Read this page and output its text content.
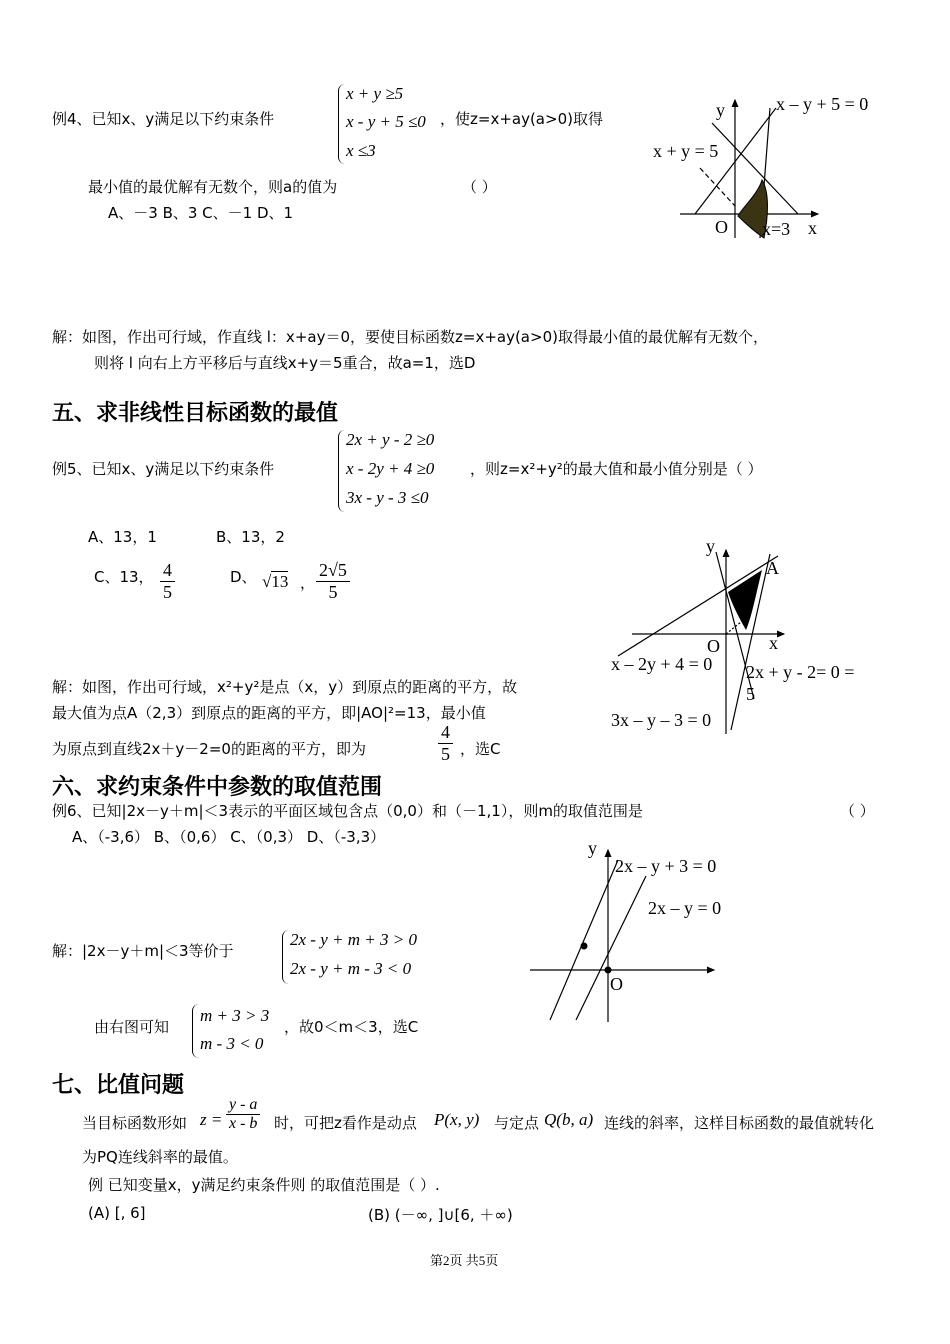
例4、已知x、y满足以下约束条件
x + y ≥5
x - y + 5 ≤0
x ≤3
，使z=x+ay(a>0)取得
最小值的最优解有无数个，则a的值为	（ ）
A、－3 B、3 C、－1 D、1
y
x
O
x – y + 5 = 0
x + y = 5
x=3
解：如图，作出可行域，作直线 l：x+ay＝0，要使目标函数z=x+ay(a>0)取得最小值的最优解有无数个，
则将 l 向右上方平移后与直线x+y＝5重合，故a=1，选D
五、求非线性目标函数的最值
例5、已知x、y满足以下约束条件
2x + y - 2 ≥0
x - 2y + 4 ≥0
3x - y - 3 ≤0
，则z=x²+y²的最大值和最小值分别是（ ）
A、13，1	B、13，2
C、13， $\frac{4}{5}$	D、 √13 ， $\frac{2√5}{5}$
y
x
O
A
x – 2y + 4 = 0 2x + y - 2= 0 =
5
3x – y – 3 = 0
解：如图，作出可行域，x²+y²是点（x，y）到原点的距离的平方，故
最大值为点A（2,3）到原点的距离的平方，即|AO|²=13，最小值
为原点到直线2x＋y－2=0的距离的平方，即为	$\frac{4}{5}$ ，选C
六、求约束条件中参数的取值范围
例6、已知|2x－y＋m|＜3表示的平面区域包含点（0,0）和（－1,1），则m的取值范围是	（ ）
A、（-3,6） B、（0,6） C、（0,3） D、（-3,3）
y
O
2x – y + 3 = 0
2x – y = 0
解：|2x－y＋m|＜3等价于
2x - y + m + 3 > 0
2x - y + m - 3 < 0
由右图可知
m + 3 > 3
m - 3 < 0
，故0＜m＜3，选C
七、比值问题
当目标函数形如 $z = \frac{y - a}{x - b}$ 时，可把z看作是动点 P(x, y) 与定点 Q(b, a) 连线的斜率，这样目标函数的最值就转化
为PQ连线斜率的最值。
例 已知变量x，y满足约束条件则 的取值范围是（ ）.
(A) [, 6]	(B) (－∞, ]∪[6, ＋∞)
第2页 共5页
